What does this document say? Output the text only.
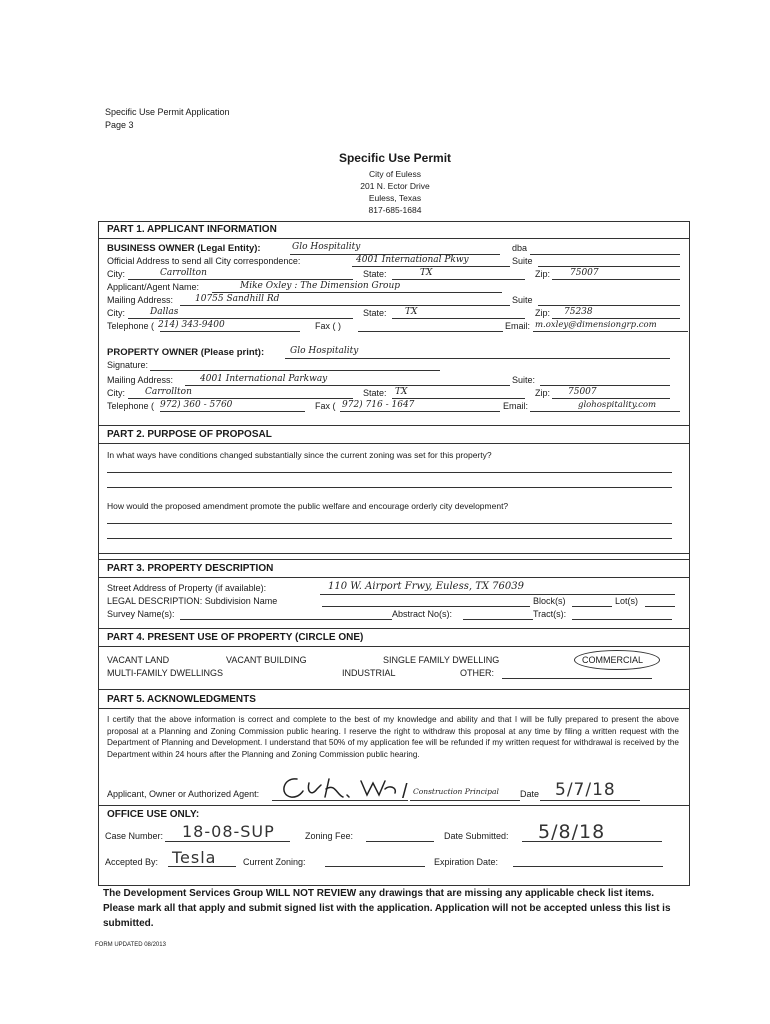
Specific Use Permit Application
Page 3
Specific Use Permit
City of Euless
201 N. Ector Drive
Euless, Texas
817-685-1684
PART 1. APPLICANT INFORMATION
BUSINESS OWNER (Legal Entity):	Glo Hospitality	dba
Official Address to send all City correspondence:	4001 International Pkwy	Suite
City:	Carrollton	State:	TX	Zip: 75007
Applicant/Agent Name:	Mike Oxley : The Dimension Group
Mailing Address: 10755 Sandhill Rd	Suite
City:	Dallas	State: TX	Zip: 75238
Telephone ( 214) 343-9400	Fax ( )	Email: m.oxley@dimensiongrp.com
PROPERTY OWNER (Please print):	Glo Hospitality
Signature:
Mailing Address:	4001 International Parkway	Suite:
City: Carrollton	State: TX	Zip: 75007
Telephone ( 972) 360 - 5760	Fax ( 972) 716 - 1647	Email:	glohospitality.com
PART 2. PURPOSE OF PROPOSAL
In what ways have conditions changed substantially since the current zoning was set for this property?
How would the proposed amendment promote the public welfare and encourage orderly city development?
PART 3. PROPERTY DESCRIPTION
Street Address of Property (if available):	110 W. Airport Frwy, Euless, TX 76039
LEGAL DESCRIPTION: Subdivision Name	Block(s)	Lot(s)
Survey Name(s):	Abstract No(s):	Tract(s):
PART 4. PRESENT USE OF PROPERTY (CIRCLE ONE)
VACANT LAND	VACANT BUILDING	SINGLE FAMILY DWELLING	COMMERCIAL
MULTI-FAMILY DWELLINGS	INDUSTRIAL	OTHER:
PART 5. ACKNOWLEDGMENTS
I certify that the above information is correct and complete to the best of my knowledge and ability and that I will be fully prepared to present the above proposal at a Planning and Zoning Commission public hearing. I reserve the right to withdraw this proposal at any time by filing a written request with the Department of Planning and Development. I understand that 50% of my application fee will be refunded if my written request for withdrawal is received by the Department within 24 hours after the Planning and Zoning Commission public hearing.
Applicant, Owner or Authorized Agent:	/ Construction Principal Date 5/7/18
OFFICE USE ONLY:
Case Number: 18-08-SUP	Zoning Fee:	Date Submitted: 5/8/18
Accepted By: Tesla	Current Zoning:	Expiration Date:
The Development Services Group WILL NOT REVIEW any drawings that are missing any applicable check list items. Please mark all that apply and submit signed list with the application. Application will not be accepted unless this list is submitted.
FORM UPDATED 08/2013
